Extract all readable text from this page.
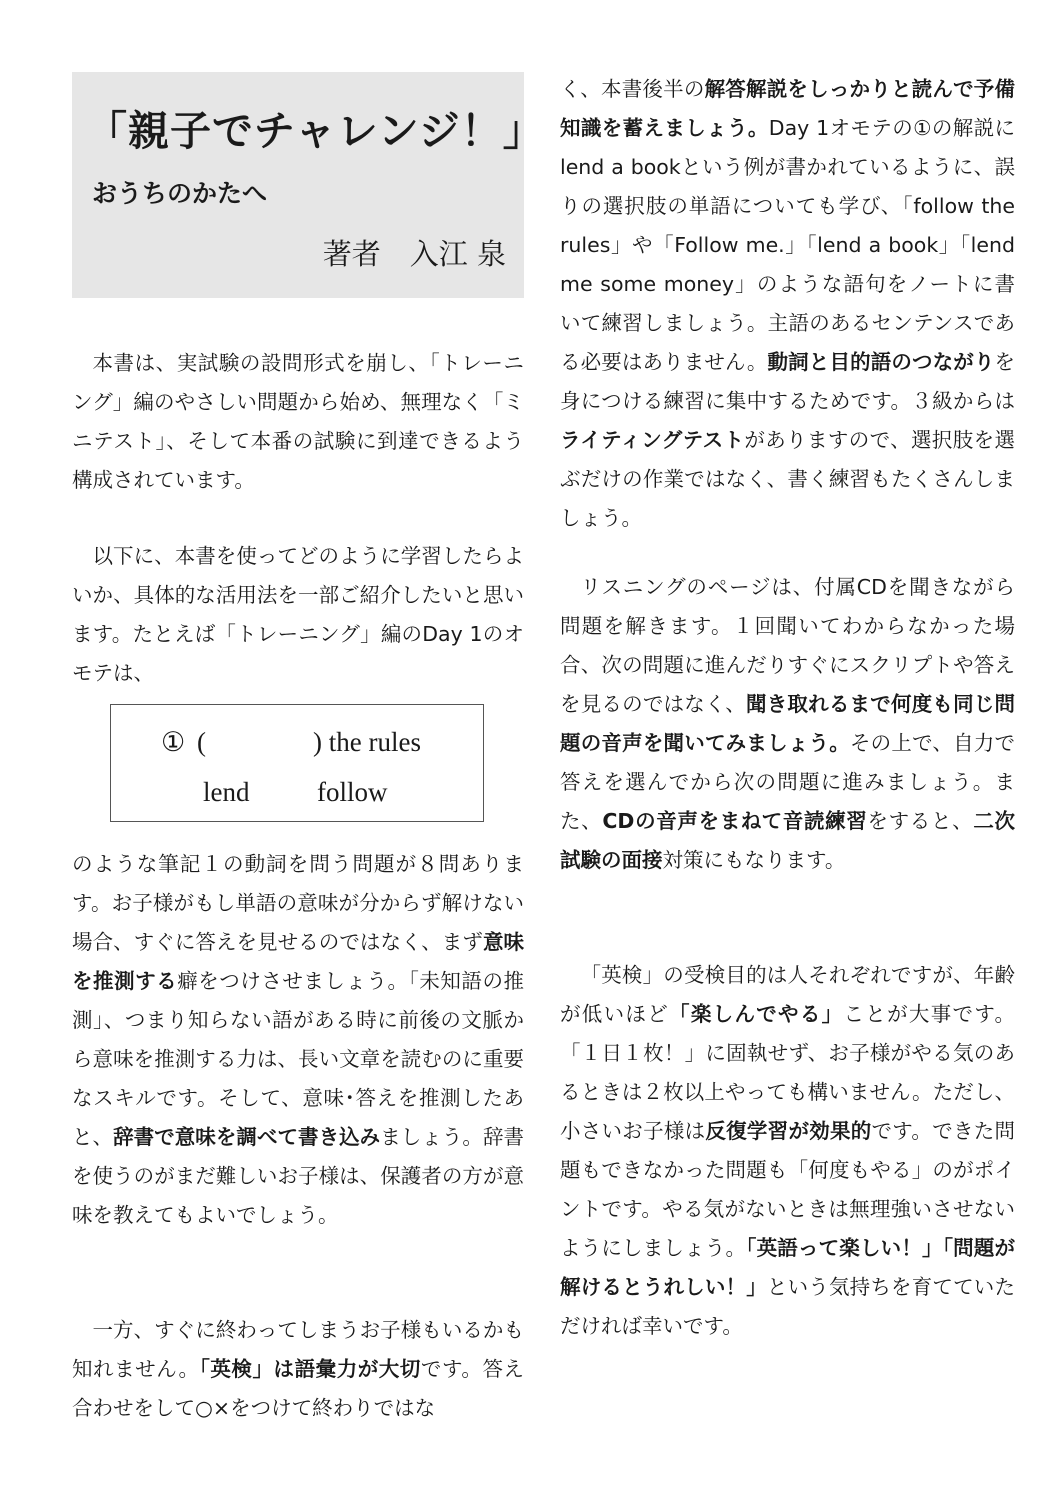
「親子でチャレンジ！」
おうちのかたへ

著者　入江 泉

本書は、実試験の設問形式を崩し、「トレーニング」編のやさしい問題から始め、無理なく「ミニテスト」、そして本番の試験に到達できるよう構成されています。

以下に、本書を使ってどのように学習したらよいか、具体的な活用法を一部ご紹介したいと思います。たとえば「トレーニング」編のDay 1のオモテは、

① (	) the rules
lend	follow

のような筆記１の動詞を問う問題が８問あります。お子様がもし単語の意味が分からず解けない場合、すぐに答えを見せるのではなく、まず意味を推測する癖をつけさせましょう。「未知語の推測」、つまり知らない語がある時に前後の文脈から意味を推測する力は、長い文章を読むのに重要なスキルです。そして、意味･答えを推測したあと、辞書で意味を調べて書き込みましょう。辞書を使うのがまだ難しいお子様は、保護者の方が意味を教えてもよいでしょう。

一方、すぐに終わってしまうお子様もいるかも知れません。「英検」は語彙力が大切です。答え合わせをして○×をつけて終わりではな

く、本書後半の解答解説をしっかりと読んで予備知識を蓄えましょう。Day 1オモテの①の解説にlend a bookという例が書かれているように、誤りの選択肢の単語についても学び、「follow the rules」や「Follow me.」「lend a book」「lend me some money」のような語句をノートに書いて練習しましょう。主語のあるセンテンスである必要はありません。動詞と目的語のつながりを身につける練習に集中するためです。３級からはライティングテストがありますので、選択肢を選ぶだけの作業ではなく、書く練習もたくさんしましょう。

リスニングのページは、付属CDを聞きながら問題を解きます。１回聞いてわからなかった場合、次の問題に進んだりすぐにスクリプトや答えを見るのではなく、聞き取れるまで何度も同じ問題の音声を聞いてみましょう。その上で、自力で答えを選んでから次の問題に進みましょう。また、CDの音声をまねて音読練習をすると、二次試験の面接対策にもなります。

「英検」の受検目的は人それぞれですが、年齢が低いほど「楽しんでやる」ことが大事です。「１日１枚！」に固執せず、お子様がやる気のあるときは２枚以上やっても構いません。ただし、小さいお子様は反復学習が効果的です。できた問題もできなかった問題も「何度もやる」のがポイントです。やる気がないときは無理強いさせないようにしましょう。「英語って楽しい！」「問題が解けるとうれしい！」という気持ちを育てていただければ幸いです。
